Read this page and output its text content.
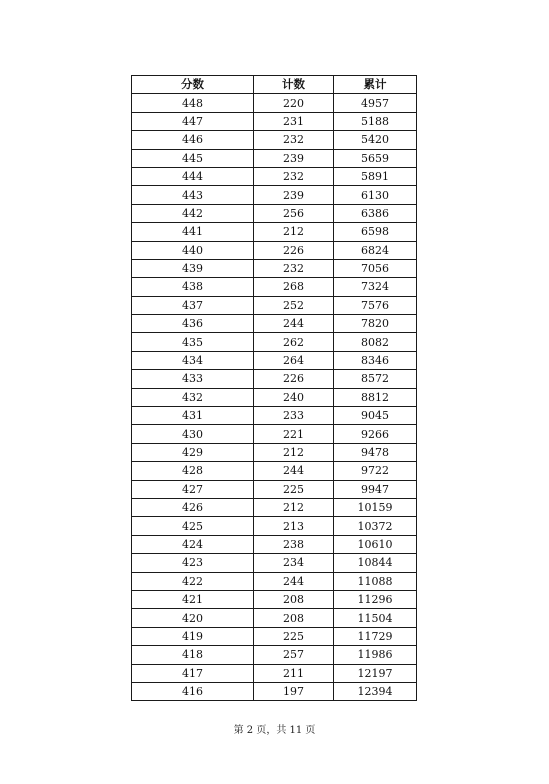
分数	计数	累计
448	220	4957
447	231	5188
446	232	5420
445	239	5659
444	232	5891
443	239	6130
442	256	6386
441	212	6598
440	226	6824
439	232	7056
438	268	7324
437	252	7576
436	244	7820
435	262	8082
434	264	8346
433	226	8572
432	240	8812
431	233	9045
430	221	9266
429	212	9478
428	244	9722
427	225	9947
426	212	10159
425	213	10372
424	238	10610
423	234	10844
422	244	11088
421	208	11296
420	208	11504
419	225	11729
418	257	11986
417	211	12197
416	197	12394
第 2 页，共 11 页
